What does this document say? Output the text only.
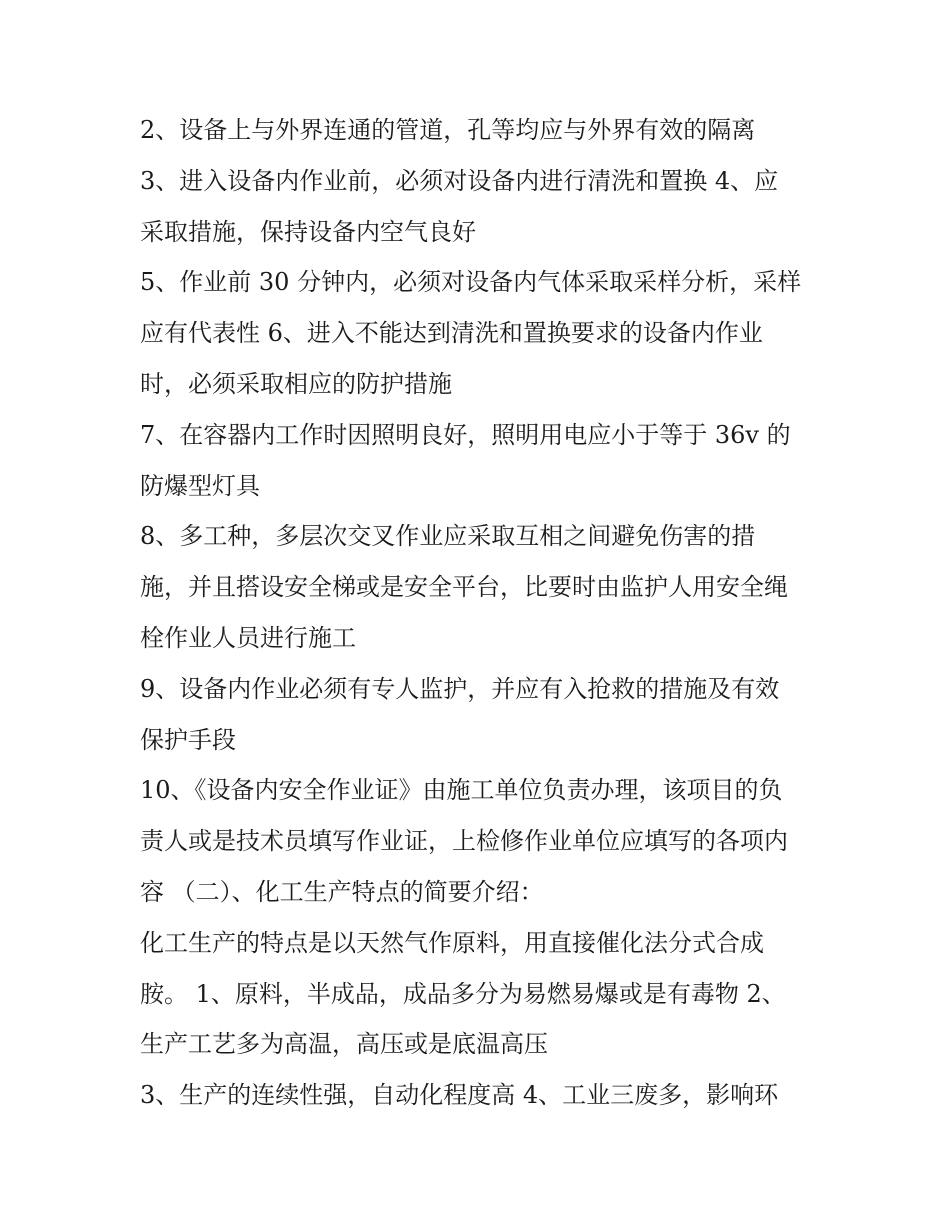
2、设备上与外界连通的管道，孔等均应与外界有效的隔离
3、进入设备内作业前，必须对设备内进行清洗和置换 4、应
采取措施，保持设备内空气良好
5、作业前 30 分钟内，必须对设备内气体采取采样分析，采样
应有代表性 6、进入不能达到清洗和置换要求的设备内作业
时，必须采取相应的防护措施
7、在容器内工作时因照明良好，照明用电应小于等于 36v 的
防爆型灯具
8、多工种，多层次交叉作业应采取互相之间避免伤害的措
施，并且搭设安全梯或是安全平台，比要时由监护人用安全绳
栓作业人员进行施工
9、设备内作业必须有专人监护，并应有入抢救的措施及有效
保护手段
10、《设备内安全作业证》由施工单位负责办理，该项目的负
责人或是技术员填写作业证，上检修作业单位应填写的各项内
容 （二）、化工生产特点的简要介绍：
化工生产的特点是以天然气作原料，用直接催化法分式合成
胺。 1、原料，半成品，成品多分为易燃易爆或是有毒物 2、
生产工艺多为高温，高压或是底温高压
3、生产的连续性强，自动化程度高 4、工业三废多，影响环
